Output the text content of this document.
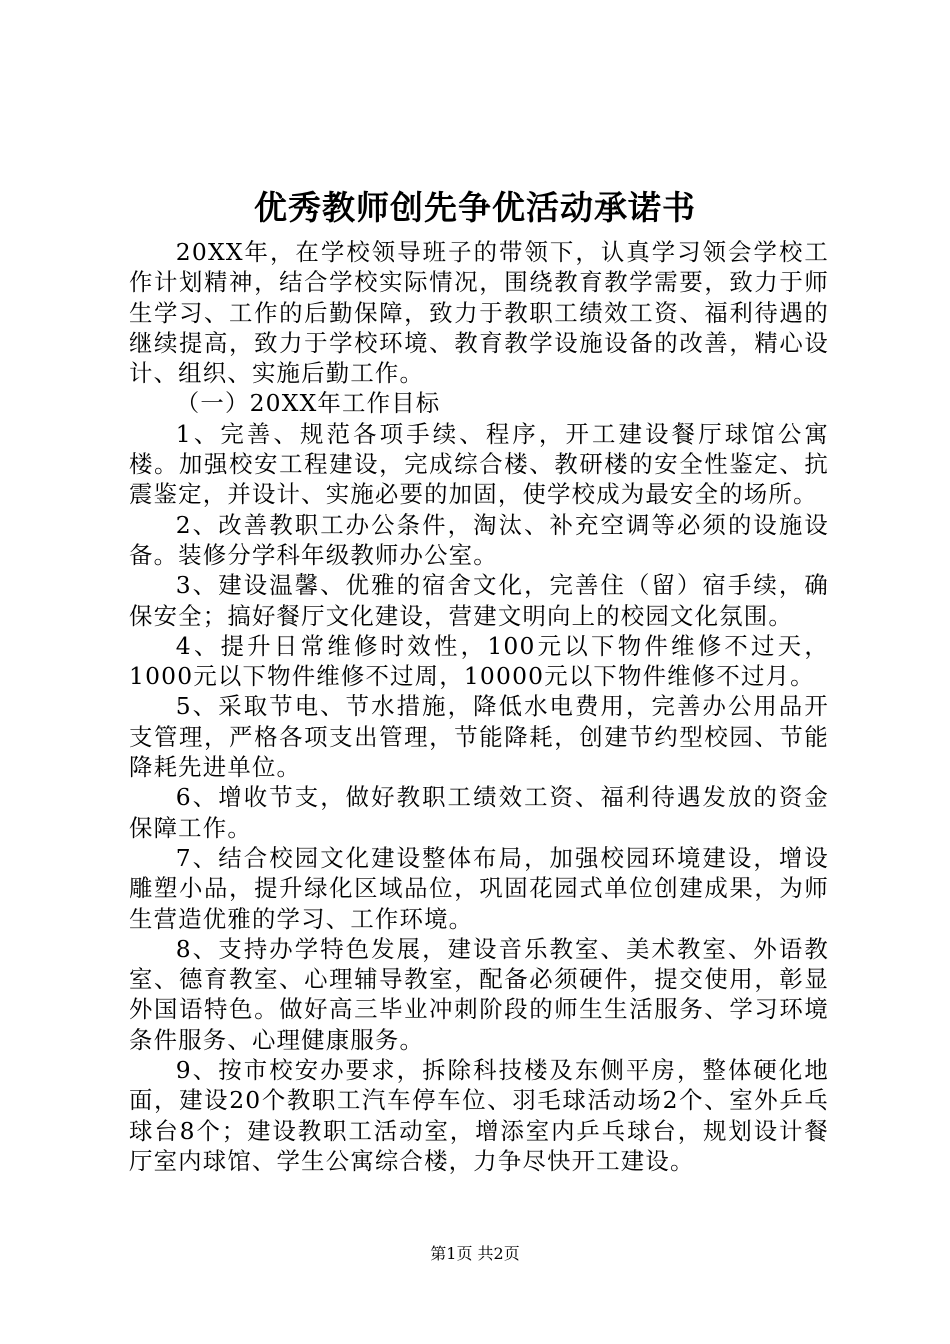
优秀教师创先争优活动承诺书

20XX年，在学校领导班子的带领下，认真学习领会学校工作计划精神，结合学校实际情况，围绕教育教学需要，致力于师生学习、工作的后勤保障，致力于教职工绩效工资、福利待遇的继续提高，致力于学校环境、教育教学设施设备的改善，精心设计、组织、实施后勤工作。

（一）20XX年工作目标

1、完善、规范各项手续、程序，开工建设餐厅球馆公寓楼。加强校安工程建设，完成综合楼、教研楼的安全性鉴定、抗震鉴定，并设计、实施必要的加固，使学校成为最安全的场所。

2、改善教职工办公条件，淘汰、补充空调等必须的设施设备。装修分学科年级教师办公室。

3、建设温馨、优雅的宿舍文化，完善住（留）宿手续，确保安全；搞好餐厅文化建设，营建文明向上的校园文化氛围。

4、提升日常维修时效性，100元以下物件维修不过天，1000元以下物件维修不过周，10000元以下物件维修不过月。

5、采取节电、节水措施，降低水电费用，完善办公用品开支管理，严格各项支出管理，节能降耗，创建节约型校园、节能降耗先进单位。

6、增收节支，做好教职工绩效工资、福利待遇发放的资金保障工作。

7、结合校园文化建设整体布局，加强校园环境建设，增设雕塑小品，提升绿化区域品位，巩固花园式单位创建成果，为师生营造优雅的学习、工作环境。

8、支持办学特色发展，建设音乐教室、美术教室、外语教室、德育教室、心理辅导教室，配备必须硬件，提交使用，彰显外国语特色。做好高三毕业冲刺阶段的师生生活服务、学习环境条件服务、心理健康服务。

9、按市校安办要求，拆除科技楼及东侧平房，整体硬化地面，建设20个教职工汽车停车位、羽毛球活动场2个、室外乒乓球台8个；建设教职工活动室，增添室内乒乓球台，规划设计餐厅室内球馆、学生公寓综合楼，力争尽快开工建设。

第1页 共2页
